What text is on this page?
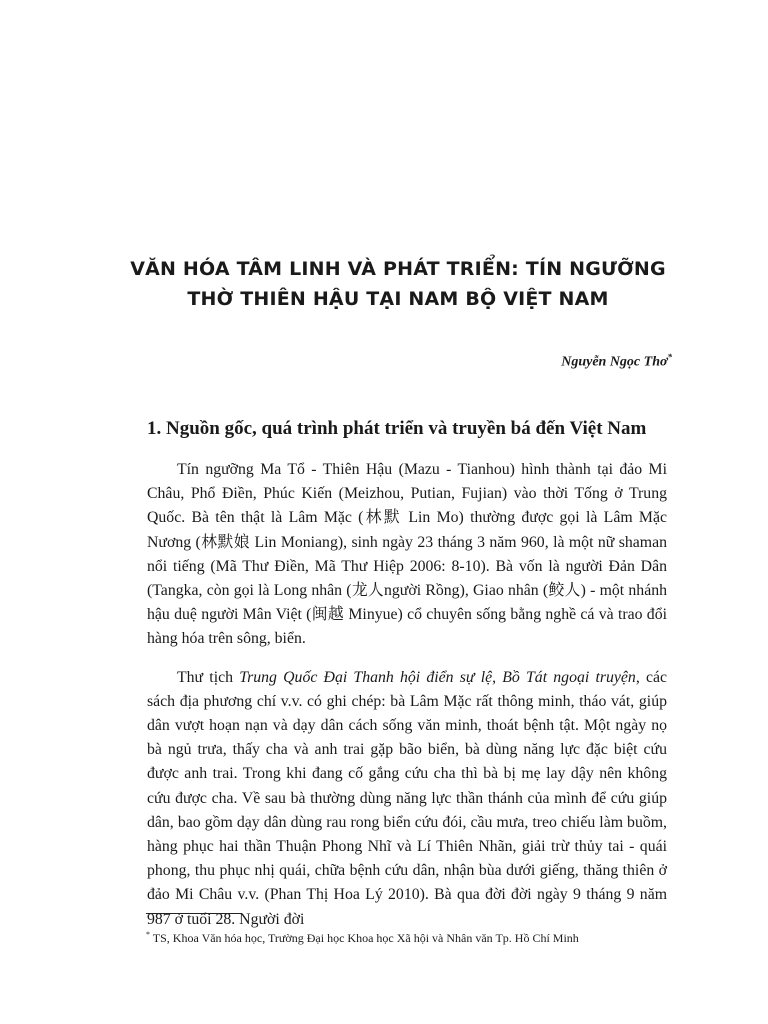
VĂN HÓA TÂM LINH VÀ PHÁT TRIỂN: TÍN NGƯỠNG
THỜ THIÊN HẬU TẠI NAM BỘ VIỆT NAM

Nguyễn Ngọc Thơ*

1. Nguồn gốc, quá trình phát triển và truyền bá đến Việt Nam

Tín ngưỡng Ma Tổ - Thiên Hậu (Mazu - Tianhou) hình thành tại đảo Mi Châu, Phổ Điền, Phúc Kiến (Meizhou, Putian, Fujian) vào thời Tống ở Trung Quốc. Bà tên thật là Lâm Mặc (林默 Lin Mo) thường được gọi là Lâm Mặc Nương (林默娘 Lin Moniang), sinh ngày 23 tháng 3 năm 960, là một nữ shaman nổi tiếng (Mã Thư Điền, Mã Thư Hiệp 2006: 8-10). Bà vốn là người Đản Dân (Tangka, còn gọi là Long nhân (龙人người Rồng), Giao nhân (鲛人) - một nhánh hậu duệ người Mân Việt (闽越 Minyue) cổ chuyên sống bằng nghề cá và trao đổi hàng hóa trên sông, biển.

Thư tịch Trung Quốc Đại Thanh hội điển sự lệ, Bồ Tát ngoại truyện, các sách địa phương chí v.v. có ghi chép: bà Lâm Mặc rất thông minh, tháo vát, giúp dân vượt hoạn nạn và dạy dân cách sống văn minh, thoát bệnh tật. Một ngày nọ bà ngủ trưa, thấy cha và anh trai gặp bão biển, bà dùng năng lực đặc biệt cứu được anh trai. Trong khi đang cố gắng cứu cha thì bà bị mẹ lay dậy nên không cứu được cha. Về sau bà thường dùng năng lực thần thánh của mình để cứu giúp dân, bao gồm dạy dân dùng rau rong biển cứu đói, cầu mưa, treo chiếu làm buồm, hàng phục hai thần Thuận Phong Nhĩ và Lí Thiên Nhãn, giải trừ thủy tai - quái phong, thu phục nhị quái, chữa bệnh cứu dân, nhận bùa dưới giếng, thăng thiên ở đảo Mi Châu v.v. (Phan Thị Hoa Lý 2010). Bà qua đời đời ngày 9 tháng 9 năm 987 ở tuổi 28. Người đời

* TS, Khoa Văn hóa học, Trường Đại học Khoa học Xã hội và Nhân văn Tp. Hồ Chí Minh
